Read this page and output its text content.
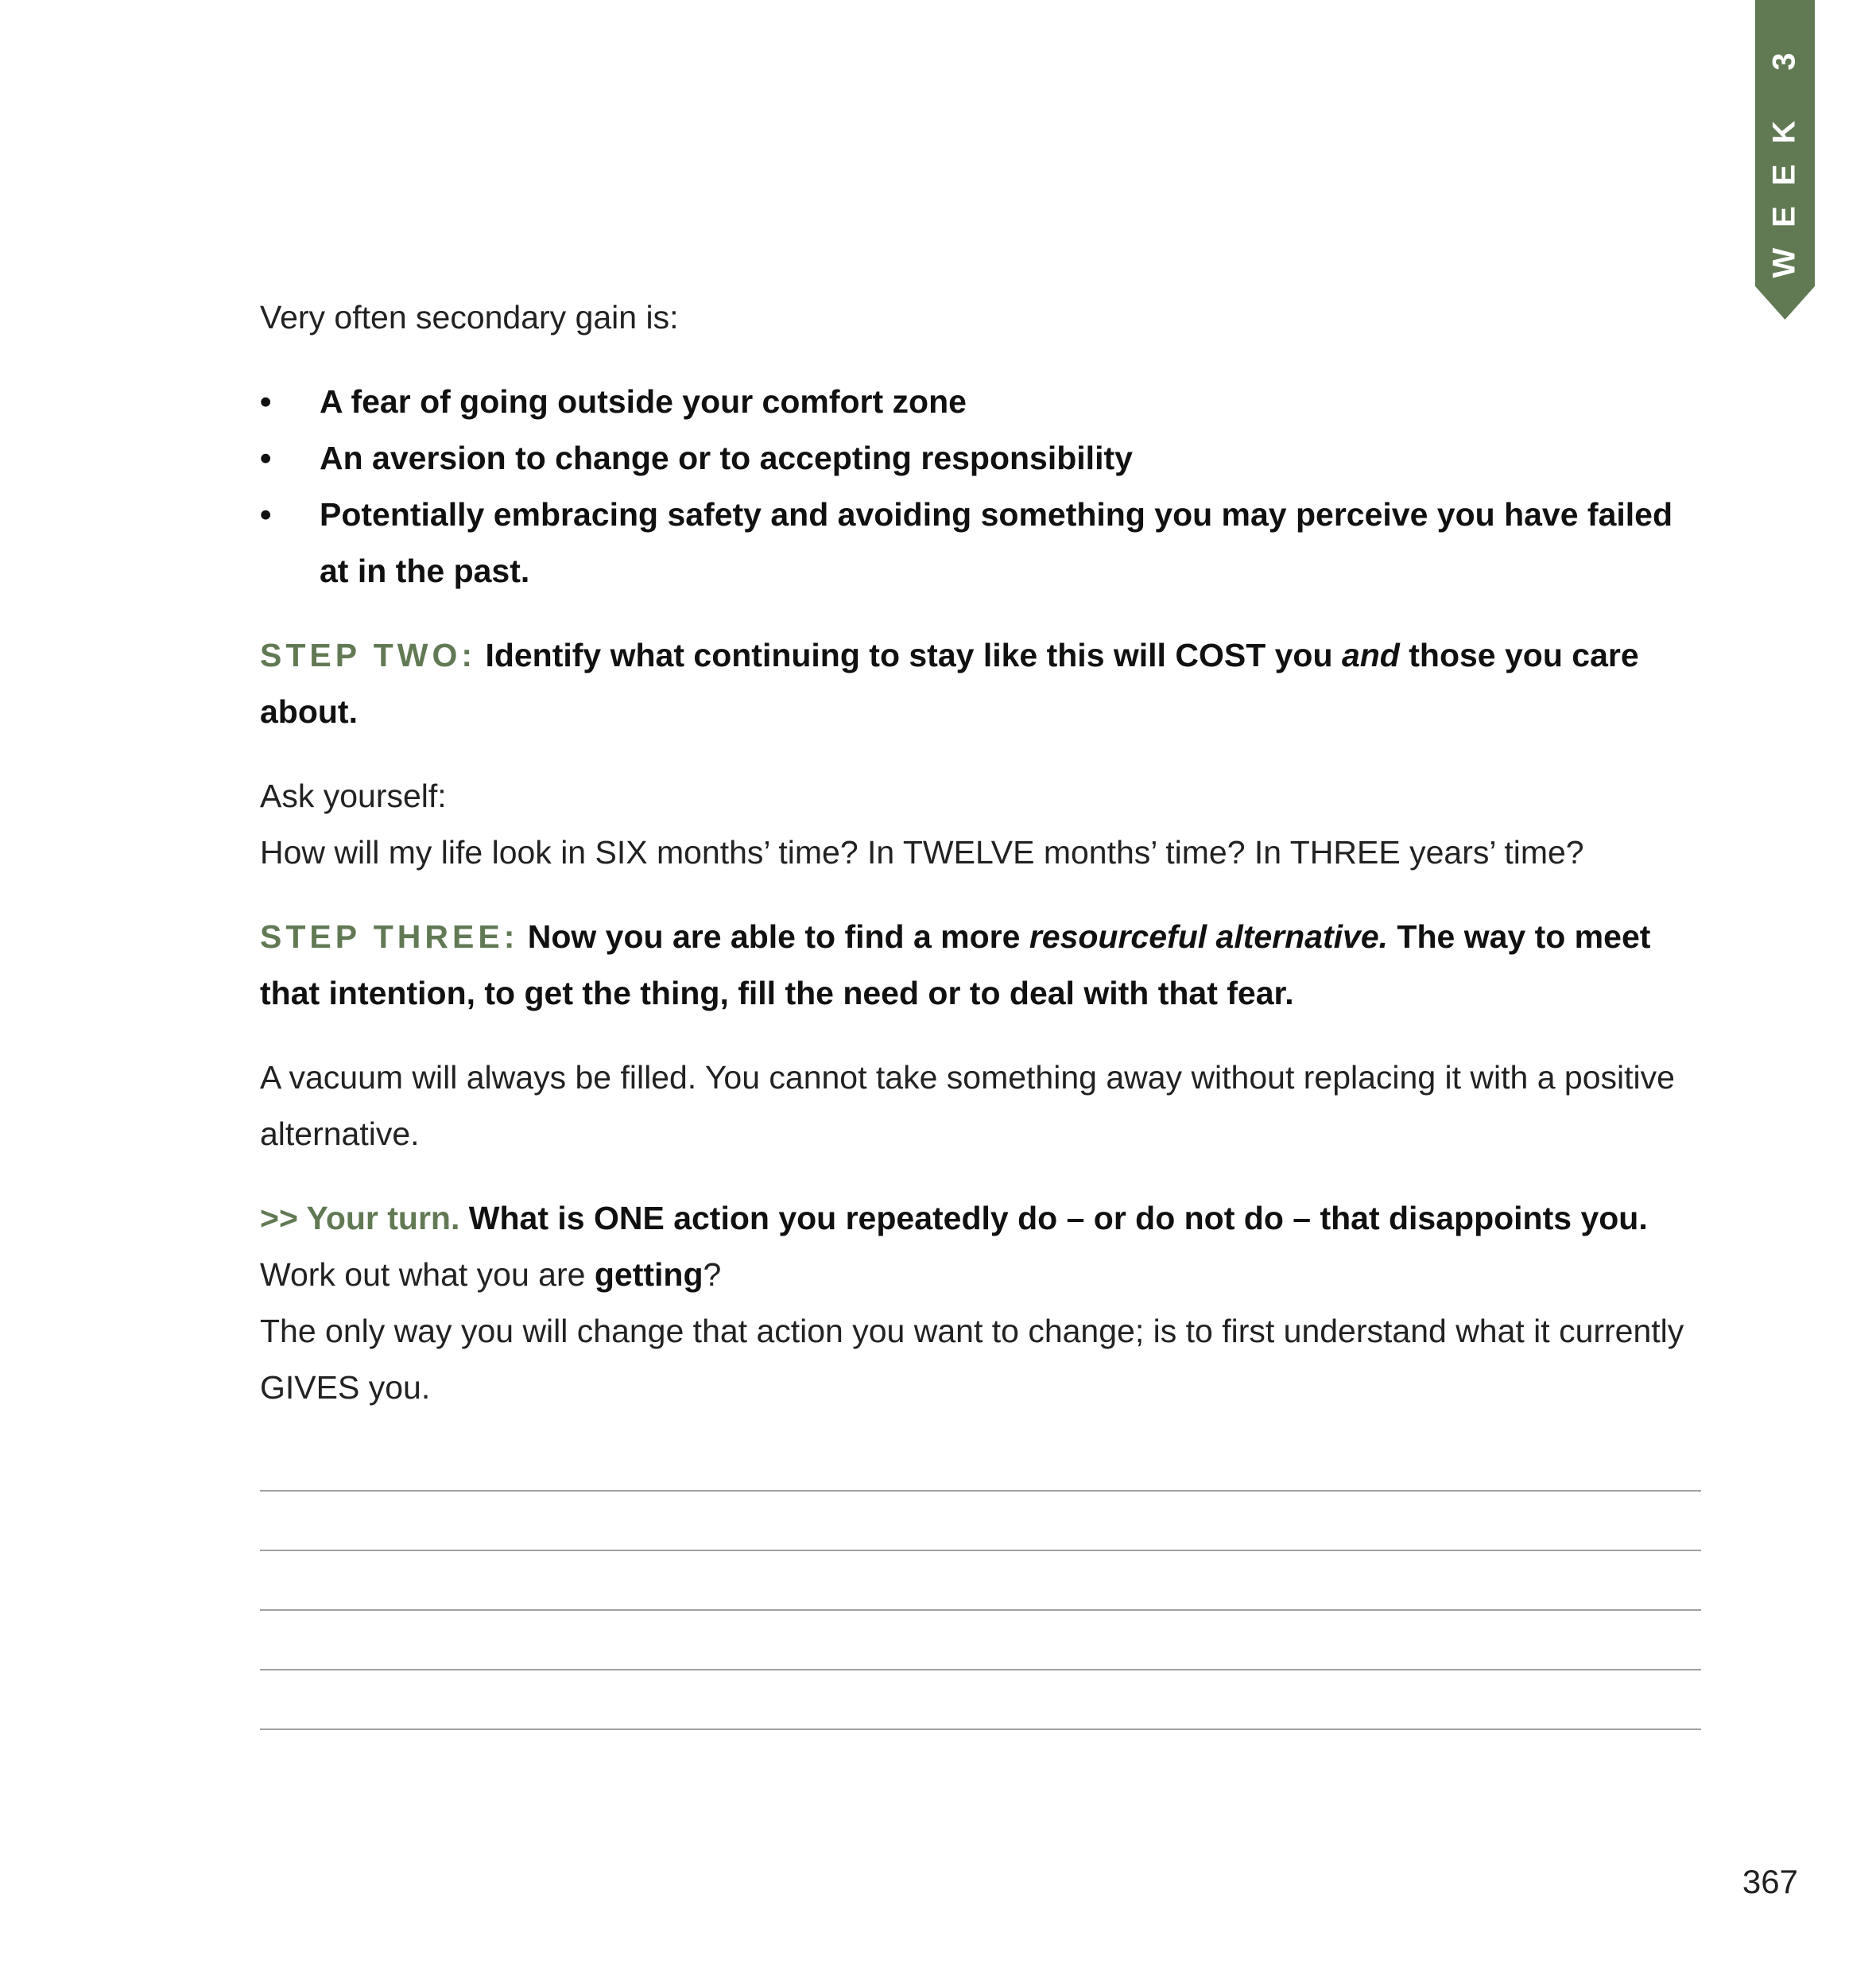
WEEK 3

Very often secondary gain is:

• A fear of going outside your comfort zone
• An aversion to change or to accepting responsibility
• Potentially embracing safety and avoiding something you may perceive you have failed at in the past.

STEP TWO: Identify what continuing to stay like this will COST you and those you care about.

Ask yourself:

How will my life look in SIX months’ time? In TWELVE months’ time? In THREE years’ time?

STEP THREE: Now you are able to find a more resourceful alternative. The way to meet that intention, to get the thing, fill the need or to deal with that fear.

A vacuum will always be filled. You cannot take something away without replacing it with a positive alternative.

>> Your turn. What is ONE action you repeatedly do – or do not do – that disappoints you.

Work out what you are getting?

The only way you will change that action you want to change; is to first understand what it currently GIVES you.

367
